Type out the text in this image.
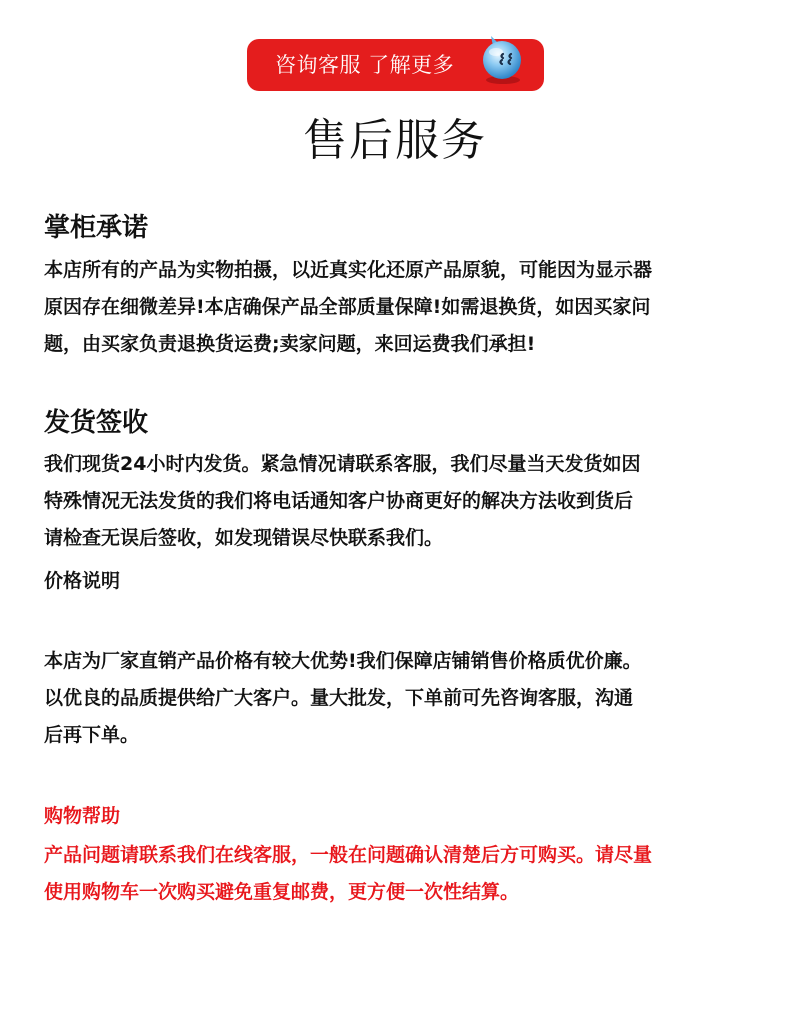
咨询客服 了解更多
售后服务
掌柜承诺
本店所有的产品为实物拍摄，以近真实化还原产品原貌，可能因为显示器
原因存在细微差异!本店确保产品全部质量保障!如需退换货，如因买家问
题，由买家负责退换货运费;卖家问题，来回运费我们承担!
发货签收
我们现货24小时内发货。紧急情况请联系客服，我们尽量当天发货如因
特殊情况无法发货的我们将电话通知客户协商更好的解决方法收到货后
请检查无误后签收，如发现错误尽快联系我们。
价格说明
本店为厂家直销产品价格有较大优势!我们保障店铺销售价格质优价廉。
以优良的品质提供给广大客户。量大批发，下单前可先咨询客服，沟通
后再下单。
购物帮助
产品问题请联系我们在线客服，一般在问题确认清楚后方可购买。请尽量
使用购物车一次购买避免重复邮费，更方便一次性结算。
